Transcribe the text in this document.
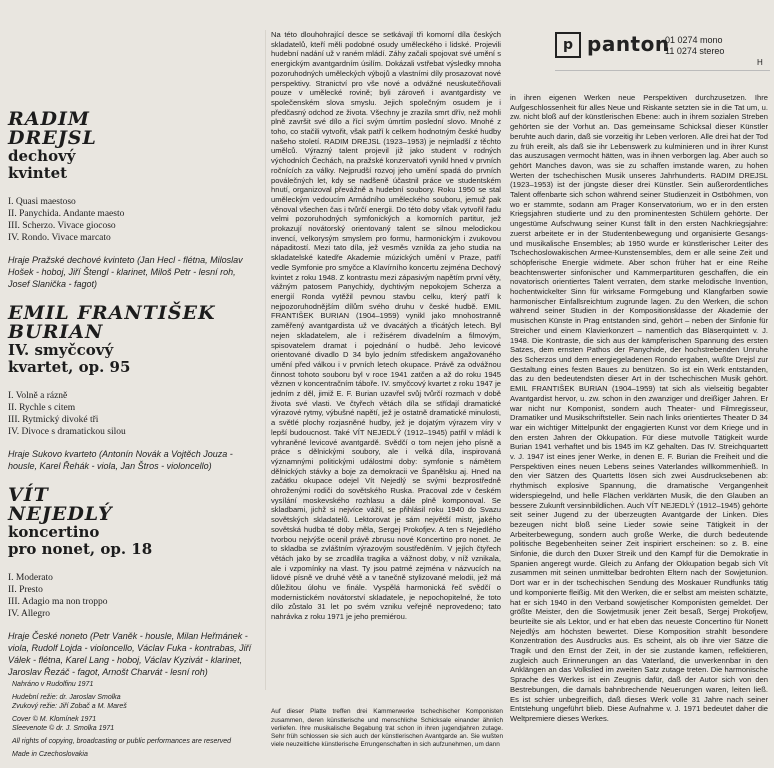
p panton
01 0274 mono
11 0274 stereo
H
RADIM
DREJSL
dechový
kvintet
I. Quasi maestoso
II. Panychida. Andante maesto
III. Scherzo. Vivace giocoso
IV. Rondo. Vivace marcato

Hraje Pražské dechové kvinteto (Jan Hecl - flétna, Miloslav Hošek - hoboj, Jiří Štengl - klarinet, Miloš Petr - lesní roh, Josef Slanička - fagot)

EMIL FRANTIŠEK
BURIAN
IV. smyčcový
kvartet, op. 95
I. Volně a rázně
II. Rychle s citem
III. Rytmický divoké tři
IV. Divoce s dramatickou silou

Hraje Sukovo kvarteto (Antonín Novák a Vojtěch Jouza - housle, Karel Řehák - viola, Jan Štros - violoncello)

VÍT
NEJEDLÝ
koncertino
pro nonet, op. 18
I. Moderato
II. Presto
III. Adagio ma non troppo
IV. Allegro

Hraje České noneto (Petr Vaněk - housle, Milan Heřmánek - viola, Rudolf Lojda - violoncello, Václav Fuka - kontrabas, Jiří Válek - flétna, Karel Lang - hoboj, Václav Kyzivát - klarinet, Jaroslav Řezáč - fagot, Arnošt Charvát - lesní roh)

Nahráno v Rudolfinu 1971

Hudební režie: dr. Jaroslav Smolka

Zvukový režie: Jiří Zobač a M. Mareš

Cover © M. Klomínek 1971

Sleevenote © dr. J. Smolka 1971

All rights of copying, broadcasting or public performances are reserved

Made in Czechoslovakia

Na této dlouhohrající desce se setkávají tři komorní díla českých skladatelů, kteří měli podobné osudy uměleckého i lidské. Projevili hudební nadání už v raném mládí. Záhy začali spojovat své umění s energickým avantgardním úsilím. Dokázali vstřebat výsledky mnoha pozoruhodných uměleckých výbojů a vlastními díly prosazovat nové perspektivy. Stranictví pro vše nové a odvážné neuskutečňovali pouze v umělecké rovině; byli zároveň i avantgardisty ve společenském slova smyslu. Jejich společným osudem je i předčasný odchod ze života. Všechny je zrazila smrt dřív, než mohli plně završit své dílo a řící svým úmrtím poslední slovo. Mnohé z toho, co stačili vytvořit, však patří k celkem hodnotným české hudby našeho století. RADIM DREJSL (1923–1953) je nejmladší z těchto umělců. Výrazný talent projevil již jako student v rodných východních Čechách, na pražské konzervatoři vynikl hned v prvních ročnících za války. Nejprudší rozvoj jeho umění spadá do prvních poválečných let, kdy se nadšeně účastnil práce ve studentském hnutí, organizoval převážně a hudební soubory. Roku 1950 se stal uměleckým vedoucím Armádního uměleckého souboru, jemuž pak věnoval všechen čas i tvůrčí energii. Do této doby však vytvořil řadu velmi pozoruhodných symfonických a komorních partitur, jež prokazují novátorský orientovaný talent se silnou melodickou invencí, velkorysým smyslem pro formu, harmonickým i zvukovou nápaditostí. Mezi tato díla, jež vesměs vznikla za jeho studia na skladatelské katedře Akademie múzických umění v Praze, patří vedle Symfonie pro smyčce a Klavírního koncertu zejména Dechový kvintet z roku 1948. Z kontrastu mezi zápasivým napětím první věty, vážným patosem Panychidy, dychtivým nepokojem Scherza a energií Ronda vytěžil pevnou stavbu celku, který patří k nejpozoruhodnějším dílům svého druhu v české hudbě. EMIL FRANTIŠEK BURIAN (1904–1959) vynikl jako mnohostranně zaměřený avantgardista už ve dvacátých a třicátých letech. Byl nejen skladatelem, ale i režisérem divadelním a filmovým, spisovatelem dramat i pojednání o hudbě. Jeho levicové orientované divadlo D 34 bylo jedním střediskem angažovaného umění před válkou i v prvních letech okupace. Právě za odvážnou činnost tohoto souboru byl v roce 1941 zatčen a až do roku 1945 věznen v koncentračním táboře. IV. smyčcový kvartet z roku 1947 je jedním z děl, jimiž E. F. Burian uzavřel svůj tvůrčí rozmach v době života své vlasti. Ve čtyřech větách díla se střídají dramatické výrazové rytmy, výbušné napětí, jež je ostatně dramatické minulosti, a světlé plochy rozjasněné hudby, jež je dojatým výrazem víry v lepší budoucnost. Také VÍT NEJEDLÝ (1912–1945) patřil v mládí k vyhraněné levicové avantgardě. Svědčí o tom nejen jeho písně a práce s dělnickými soubory, ale i velká díla, inspirovaná významnými politickými událostmi doby: symfonie s námětem dělnických stávky a boje za demokracii ve Španělsku aj. Hned na začátku okupace odejel Vít Nejedlý se svými bezprostředně ohroženými rodiči do sovětského Ruska. Pracoval zde v českém vysílání moskevského rozhlasu a dále plně komponoval. Se skladbami, jichž si nejvíce vážil, se přihlásil roku 1940 do Svazu sovětských skladatelů. Lektorovat je sám největší mistr, jakého sovětská hudba té doby měla, Sergej Prokofjev. A ten s Nejedlého tvorbou nejvýše ocenil právě zbrusu nové Koncertino pro nonet. Je to skladba se zvláštním výrazovým soustředěním. V jejích čtyřech větách jako by se zrcadlila tragika a vážnost doby, v níž vznikala, ale i vzpomínky na vlast. Ty jsou patrné zejména v názvucích na lidové písně ve druhé větě a v tanečně stylizované melodii, jež má důležitou úlohu ve finále. Vyspělá harmonická řeč svědčí o modernistickém novátorství skladatele, je nepochopitelné, že toto dílo zůstalo 31 let po svém vzniku veřejně neprovedeno; tato nahrávka z roku 1971 je jeho premiérou.

Auf dieser Platte treffen drei Kammerwerke tschechischer Komponisten zusammen, deren künstlerische und menschliche Schicksale einander ähnlich verliefen. Ihre musikalische Begabung trat schon in ihren jugendjahren zutage. Sehr früh schlossen sie sich auch der künstlerischen Avantgarde an. Sie wußten viele neuzeitliche künstlerische Errungenschaften in sich aufzunehmen, um dann

in ihren eigenen Werken neue Perspektiven durchzusetzen. Ihre Aufgeschlossenheit für alles Neue und Riskante setzten sie in die Tat um, u. zw. nicht bloß auf der künstlerischen Ebene: auch in ihrem sozialen Streben gehörten sie der Vorhut an. Das gemeinsame Schicksal dieser Künstler beruhte auch darin, daß sie vorzeitig ihr Leben verloren. Alle drei hat der Tod zu früh ereilt, als daß sie ihr Lebenswerk zu kulminieren und in ihrer Kunst das auszusagen vermocht hätten, was in ihnen verborgen lag. Aber auch so gehört Manches davon, was sie zu schaffen imstande waren, zu hohen Werten der tschechischen Musik unseres Jahrhunderts. RADIM DREJSL (1923–1953) ist der jüngste dieser drei Künstler. Sein außerordentliches Talent offenbarte sich schon während seiner Studienzeit in Ostböhmen, von wo er stammte, sodann am Prager Konservatorium, wo er in den ersten Kriegsjahren studierte und zu den prominentesten Schülern gehörte. Der ungestüme Aufschwung seiner Kunst fällt in den ersten Nachkriegsjahre: zuerst arbeitete er in der Studentenbewegung und organisierte Gesangs- und musikalische Ensembles; ab 1950 wurde er künstlerischer Leiter des Tschechoslowakischen Armee-Kunstensembles, dem er alle seine Zeit und schöpferische Energie widmete. Aber schon früher hat er eine Reihe beachtenswerter sinfonischer und Kammerpartituren geschaffen, die ein novatorisch orientiertes Talent verraten, dem starke melodische Invention, hochentwickelter Sinn für wirksame Formgebung und Klangfarben sowie harmonischer Einfallsreichtum zugrunde lagen. Zu den Werken, die schon während seiner Studien in der Kompositionsklasse der Akademie der musischen Künste in Prag entstanden sind, gehört – neben der Sinfonie für Streicher und einem Klavierkonzert – namentlich das Bläserquintett v. J. 1948. Die Kontraste, die sich aus der kämpferischen Spannung des ersten Satzes, dem ernsten Pathos der Panychide, der hochstrebenden Unruhe des Scherzos und dem energiegeladenen Rondo ergaben, wußte Drejsl zur Gestaltung eines festen Baues zu benützen. So ist ein Werk entstanden, das zu den bedeutendsten dieser Art in der tschechischen Musik gehört. EMIL FRANTIŠEK BURIAN (1904–1959) tat sich als vielseitig begabter Avantgardist hervor, u. zw. schon in den zwanziger und dreißiger Jahren. Er war nicht nur Komponist, sondern auch Theater- und Filmregisseur, Dramatiker und Musikschriftsteller. Sein nach links orientiertes Theater D 34 war ein wichtiger Mittelpunkt der engagierten Kunst vor dem Kriege und in den ersten Jahren der Okkupation. Für diese mutvolle Tätigkeit wurde Burian 1941 verhaftet und bis 1945 im KZ gehalten. Das IV. Streichquartett v. J. 1947 ist eines jener Werke, in denen E. F. Burian die Freiheit und die Perspektiven eines neuen Lebens seines Vaterlandes willkommenhieß. In den vier Sätzen des Quartetts lösen sich zwei Ausdrucksebenen ab: rhythmisch explosive Spannung, die dramatische Vergangenheit widerspiegelnd, und helle Flächen verklärten Musik, die den Glauben an bessere Zukunft versinnbildlichen. Auch VÍT NEJEDLÝ (1912–1945) gehörte seit seiner Jugend zu der überzeugten Avantgarde der Linken. Dies bezeugen nicht bloß seine Lieder sowie seine Tätigkeit in der Arbeiterbewegung, sondern auch große Werke, die durch bedeutende politische Begebenheiten seiner Zeit inspiriert erscheinen: so z. B. eine Sinfonie, die durch den Duxer Streik und den Kampf für die Demokratie in Spanien angeregt wurde. Gleich zu Anfang der Okkupation begab sich Vít zusammen mit seinen unmittelbar bedrohten Eltern nach der Sowjetunion. Dort war er in der tschechischen Sendung des Moskauer Rundfunks tätig und komponierte fleißig. Mit den Werken, die er selbst am meisten schätzte, hat er sich 1940 in den Verband sowjetischer Komponisten gemeldet. Der größte Meister, den die Sowjetmusik jener Zeit besaß, Sergej Prokofjew, beurteilte sie als Lektor, und er hat eben das neueste Concertino für Nonett Nejedlýs am höchsten bewertet. Diese Komposition strahlt besondere Konzentration des Ausdrucks aus. Es scheint, als ob ihre vier Sätze die Tragik und den Ernst der Zeit, in der sie zustande kamen, reflektieren, zugleich auch Erinnerungen an das Vaterland, die unverkennbar in den Anklängen an das Volkslied im zweiten Satz zutage treten. Die harmonische Sprache des Werkes ist ein Zeugnis dafür, daß der Autor sich von den Bestrebungen, die damals bahnbrechende Neuerungen waren, leiten ließ. Es ist schier unbegreiflich, daß dieses Werk volle 31 Jahre nach seiner Entstehung ungeführt blieb. Diese Aufnahme v. J. 1971 bedeutet daher die Weltpremiere dieses Werkes.
